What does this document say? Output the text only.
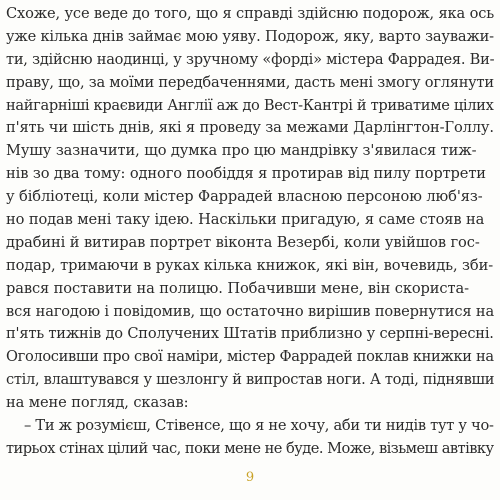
Схоже, усе веде до того, що я справді здійсню подорож, яка ось
уже кілька днів займає мою уяву. Подорож, яку, варто зауважи-
ти, здійсню наодинці, у зручному «форді» містера Фаррадея. Ви-
праву, що, за моїми передбаченнями, дасть мені змогу оглянути
найгарніші краєвиди Англії аж до Вест-Кантрі й триватиме цілих
п'ять чи шість днів, які я проведу за межами Дарлінгтон-Голлу.
Мушу зазначити, що думка про цю мандрівку з'явилася тиж-
нів зо два тому: одного пообіддя я протирав від пилу портрети
у бібліотеці, коли містер Фаррадей власною персоною люб'яз-
но подав мені таку ідею. Наскільки пригадую, я саме стояв на
драбині й витирав портрет віконта Везербі, коли увійшов гос-
подар, тримаючи в руках кілька книжок, які він, вочевидь, зби-
рався поставити на полицю. Побачивши мене, він скориста-
вся нагодою і повідомив, що остаточно вирішив повернутися на
п'ять тижнів до Сполучених Штатів приблизно у серпні-вересні.
Оголосивши про свої наміри, містер Фаррадей поклав книжки на
стіл, влаштувався у шезлонгу й випростав ноги. А тоді, піднявши
на мене погляд, сказав:
– Ти ж розумієш, Стівенсе, що я не хочу, аби ти нидів тут у чо-
тирьох стінах цілий час, поки мене не буде. Може, візьмеш автівку
9
